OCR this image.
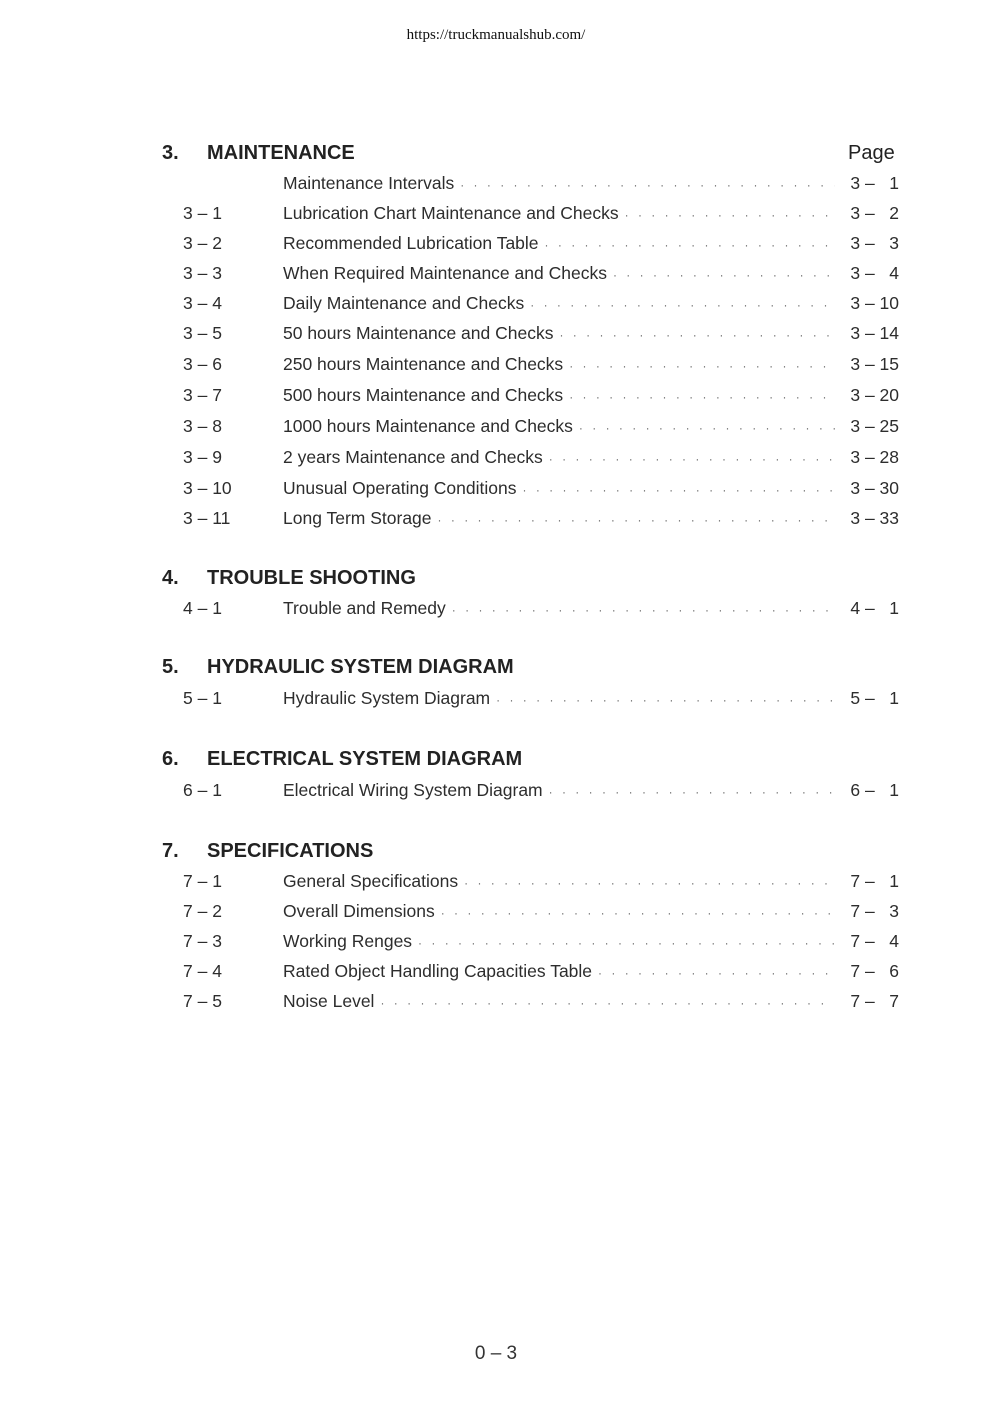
https://truckmanualshub.com/
Page
3. MAINTENANCE
Maintenance Intervals · · ·	3 –   1
3 – 1	Lubrication Chart Maintenance and Checks · · ·	3 –   2
3 – 2	Recommended Lubrication Table · · ·	3 –   3
3 – 3	When Required Maintenance and Checks · · ·	3 –   4
3 – 4	Daily Maintenance and Checks · · ·	3 – 10
3 – 5	50 hours Maintenance and Checks · · ·	3 – 14
3 – 6	250 hours Maintenance and Checks · · ·	3 – 15
3 – 7	500 hours Maintenance and Checks · · ·	3 – 20
3 – 8	1000 hours Maintenance and Checks · · ·	3 – 25
3 – 9	2 years Maintenance and Checks · · ·	3 – 28
3 – 10	Unusual Operating Conditions · · ·	3 – 30
3 – 11	Long Term Storage · · ·	3 – 33
4. TROUBLE SHOOTING
4 – 1	Trouble and Remedy · · ·	4 –   1
5. HYDRAULIC SYSTEM DIAGRAM
5 – 1	Hydraulic System Diagram · · ·	5 –   1
6. ELECTRICAL SYSTEM DIAGRAM
6 – 1	Electrical Wiring System Diagram · · ·	6 –   1
7. SPECIFICATIONS
7 – 1	General Specifications · · ·	7 –   1
7 – 2	Overall Dimensions · · ·	7 –   3
7 – 3	Working Renges · · ·	7 –   4
7 – 4	Rated Object Handling Capacities Table · · ·	7 –   6
7 – 5	Noise Level · · ·	7 –   7
0 – 3
